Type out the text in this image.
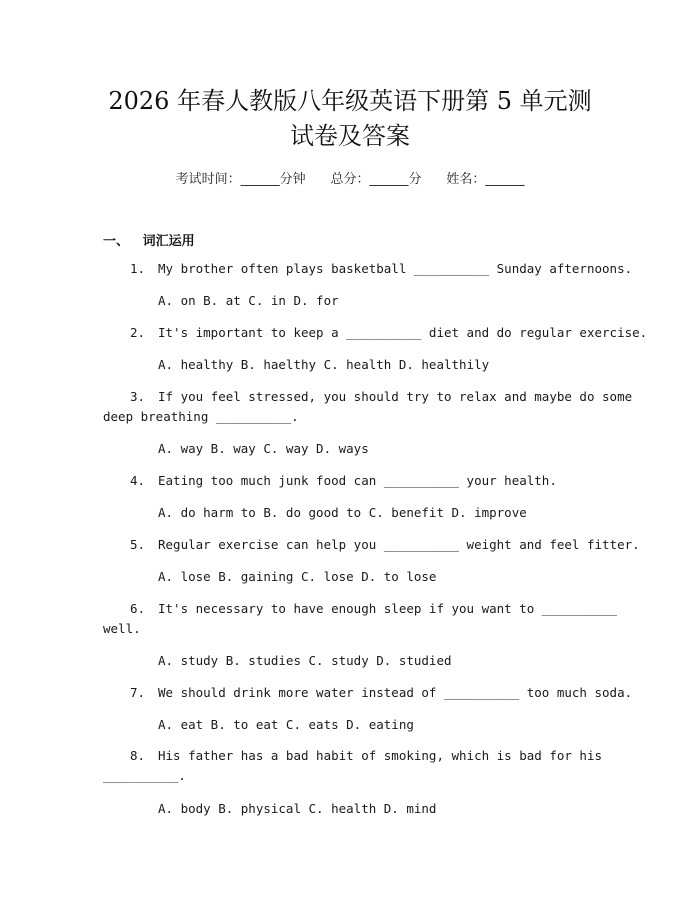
2026 年春人教版八年级英语下册第 5 单元测
试卷及答案
考试时间：______分钟 总分：______分 姓名：______
一、 词汇运用
1. My brother often plays basketball __________ Sunday afternoons.
A. on B. at C. in D. for
2. It's important to keep a __________ diet and do regular exercise.
A. healthy B. haelthy C. health D. healthily
3. If you feel stressed, you should try to relax and maybe do some
deep breathing __________.
A. way B. way C. way D. ways
4. Eating too much junk food can __________ your health.
A. do harm to B. do good to C. benefit D. improve
5. Regular exercise can help you __________ weight and feel fitter.
A. lose B. gaining C. lose D. to lose
6. It's necessary to have enough sleep if you want to __________
well.
A. study B. studies C. study D. studied
7. We should drink more water instead of __________ too much soda.
A. eat B. to eat C. eats D. eating
8. His father has a bad habit of smoking, which is bad for his
__________.
A. body B. physical C. health D. mind
